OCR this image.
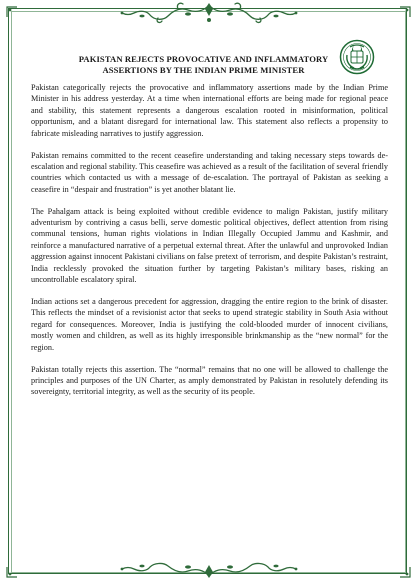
PAKISTAN REJECTS PROVOCATIVE AND INFLAMMATORY
ASSERTIONS BY THE INDIAN PRIME MINISTER

Pakistan categorically rejects the provocative and inflammatory assertions made by the Indian Prime Minister in his address yesterday. At a time when international efforts are being made for regional peace and stability, this statement represents a dangerous escalation rooted in misinformation, political opportunism, and a blatant disregard for international law. This statement also reflects a propensity to fabricate misleading narratives to justify aggression.

Pakistan remains committed to the recent ceasefire understanding and taking necessary steps towards de-escalation and regional stability. This ceasefire was achieved as a result of the facilitation of several friendly countries which contacted us with a message of de-escalation. The portrayal of Pakistan as seeking a ceasefire in “despair and frustration” is yet another blatant lie.

The Pahalgam attack is being exploited without credible evidence to malign Pakistan, justify military adventurism by contriving a casus belli, serve domestic political objectives, deflect attention from rising communal tensions, human rights violations in Indian Illegally Occupied Jammu and Kashmir, and reinforce a manufactured narrative of a perpetual external threat. After the unlawful and unprovoked Indian aggression against innocent Pakistani civilians on false pretext of terrorism, and despite Pakistan’s restraint, India recklessly provoked the situation further by targeting Pakistan’s military bases, risking an uncontrollable escalatory spiral.

Indian actions set a dangerous precedent for aggression, dragging the entire region to the brink of disaster. This reflects the mindset of a revisionist actor that seeks to upend strategic stability in South Asia without regard for consequences. Moreover, India is justifying the cold-blooded murder of innocent civilians, mostly women and children, as well as its highly irresponsible brinkmanship as the “new normal” for the region.

Pakistan totally rejects this assertion. The “normal” remains that no one will be allowed to challenge the principles and purposes of the UN Charter, as amply demonstrated by Pakistan in resolutely defending its sovereignty, territorial integrity, as well as the security of its people.
